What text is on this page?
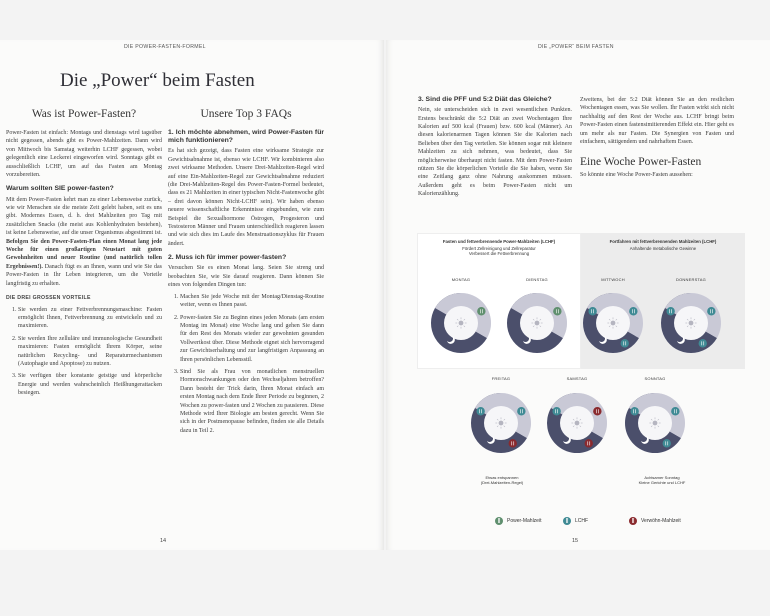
DIE POWER-FASTEN-FORMEL
Die „Power“ beim Fasten
Was ist Power-Fasten?

Power-Fasten ist einfach: Montags und dienstags wird tagsüber nicht gegessen, abends gibt es Power-Mahlzeiten. Dann wird von Mittwoch bis Samstag weiterhin LCHF gegessen, wobei gelegentlich eine Leckerei eingeworfen wird. Sonntags gibt es ausschließlich LCHF, um auf das Fasten am Montag vorzubereiten.

Warum sollten SIE power-fasten?

Mit dem Power-Fasten kehrt man zu einer Lebensweise zurück, wie wir Menschen sie die meiste Zeit gelebt haben, seit es uns gibt. Modernes Essen, d. h. drei Mahlzeiten pro Tag mit zusätzlichen Snacks (die meist aus Kohlenhydraten bestehen), ist keine Lebensweise, auf die unser Organismus abgestimmt ist. Befolgen Sie den Power-Fasten-Plan einen Monat lang jede Woche für einen großartigen Neustart mit guten Gewohnheiten und neuer Routine (und natürlich tollen Ergebnissen!). Danach fügt es an Ihnen, wann und wie Sie das Power-Fasten in Ihr Leben integrieren, um die Vorteile langfristig zu erhalten.

DIE DREI GROSSEN VORTEILE
1. Sie werden zu einer Fettverbrennungsmaschine: Fasten ermöglicht Ihnen, Fettverbrennung zu entwickeln und zu maximieren.
2. Sie werden Ihre zelluläre und immunologische Gesundheit maximieren: Fasten ermöglicht Ihrem Körper, seine natürlichen Recycling- und Reparaturmechanismen (Autophagie und Apoptose) zu nutzen.
3. Sie verfügen über konstante geistige und körperliche Energie und werden wahrscheinlich Heißhungerattacken besiegen.
Unsere Top 3 FAQs
1. Ich möchte abnehmen, wird Power-Fasten für mich funktionieren?

Es hat sich gezeigt, dass Fasten eine wirksame Strategie zur Gewichtsabnahme ist, ebenso wie LCHF. Wir kombinieren also zwei wirksame Methoden. Unsere Drei-Mahlzeiten-Regel wird auf eine Ein-Mahlzeiten-Regel zur Gewichtsabnahme reduziert (die Drei-Mahlzeiten-Regel des Power-Fasten-Formel bedeutet, dass es 21 Mahlzeiten in einer typischen Nicht-Fastenwoche gibt – drei davon können Nicht-LCHF sein). Wir haben ebenso neuere wissenschaftliche Erkenntnisse eingebunden, wie zum Beispiel die Sexualhormone Östrogen, Progesteron und Testosteron Männer und Frauen unterschiedlich reagieren lassen und wie sich dies im Laufe des Menstruationszyklus für Frauen ändert.

2. Muss ich für immer power-fasten?

Versuchen Sie es einen Monat lang. Seien Sie streng und beobachten Sie, wie Sie darauf reagieren. Dann können Sie eines von folgenden Dingen tun:

1. Machen Sie jede Woche mit der Montag/Dienstag-Routine weiter, wenn es Ihnen passt.
2. Power-fasten Sie zu Beginn eines jeden Monats (am ersten Montag im Monat) eine Woche lang und gehen Sie dann für den Rest des Monats wieder zur gewohnten gesunden Vollwertkost über. Diese Methode eignet sich hervorragend zur Gewichtserhaltung und zur langfristigen Anpassung an Ihren persönlichen Lebensstil.
3. Sind Sie als Frau von monatlichen menstruellen Hormonschwankungen oder den Wechseljahren betroffen? Dann besteht der Trick darin, Ihren Monat einfach am ersten Montag nach dem Ende Ihrer Periode zu beginnen, 2 Wochen zu power-fasten und 2 Wochen zu pausieren. Diese Methode wird Ihrer Biologie am besten gerecht. Wenn Sie sich in der Postmenopause befinden, finden sie alle Details dazu in Teil 2.
14
DIE „POWER“ BEIM FASTEN
3. Sind die PFF und 5:2 Diät das Gleiche?

Nein, sie unterscheiden sich in zwei wesentlichen Punkten. Erstens beschränkt die 5:2 Diät an zwei Wochentagen Ihre Kalorien auf 500 kcal (Frauen) bzw. 600 kcal (Männer). An diesen kalorienarmen Tagen können Sie die Kalorien nach Belieben über den Tag verteilen. Sie können sogar mit kleinere Mahlzeiten zu sich nehmen, was bedeutet, dass Sie möglicherweise überhaupt nicht fasten. Mit dem Power-Fasten nützen Sie die körperlichen Vorteile die Sie haben, wenn Sie eine Zeitlang ganz ohne Nahrung auskommen müssen. Außerdem geht es beim Power-Fasten nicht um Kalorienzählung.

Zweitens, bei der 5:2 Diät können Sie an den restlichen Wochentagen essen, was Sie wollen. Ihr Fasten wirkt sich nicht nachhaltig auf den Rest der Woche aus. LCHF bringt beim Power-Fasten einen fastensimitierenden Effekt ein. Hier geht es um mehr als nur Fasten. Die Synergien von Fasten und einfachem, sättigendem und nahrhaftem Essen.

Eine Woche Power-Fasten

So könnte eine Woche Power-Fasten aussehen:

Fasten und fettverbrennende Power-Mahlzeiten (LCHF)
Fördert Zellreinigung und Zellreparatur
Verbessert die Fettverbrennung
Fortfahren mit fettverbrennenden Mahlzeiten (LCHF)
Anhaltende metabolische Gewinne
MONTAG	DIENSTAG	MITTWOCH	DONNERSTAG
FREITAG	SAMSTAG	SONNTAG
Etwas entspannen
(Drei-Mahlzeiten-Regel)
Achtsamer Sonntag
Kleine Gerichte und LCHF
||	Power-Mahlzeit	||	LCHF	||	Verwöhn-Mahlzeit
15
